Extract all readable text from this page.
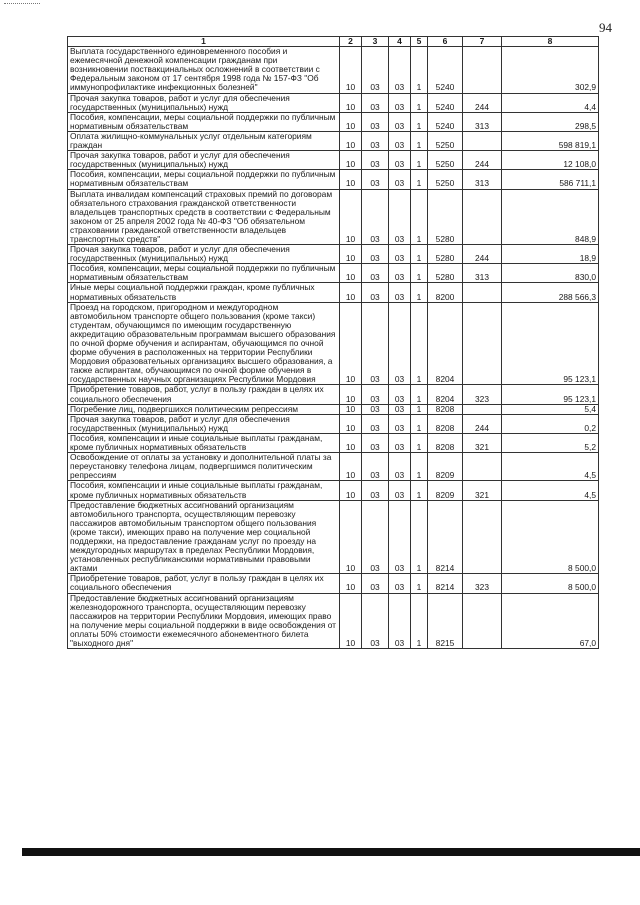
94
1	2	3	4	5	6	7	8
Выплата государственного единовременного пособия и ежемесячной денежной компенсации гражданам при возникновении поствакцинальных осложнений в соответствии с Федеральным законом от 17 сентября 1998 года № 157-ФЗ "Об иммунопрофилактике инфекционных болезней"	10	03	03	1	5240		302,9
Прочая закупка товаров, работ и услуг для обеспечения государственных (муниципальных) нужд	10	03	03	1	5240	244	4,4
Пособия, компенсации, меры социальной поддержки по публичным нормативным обязательствам	10	03	03	1	5240	313	298,5
Оплата жилищно-коммунальных услуг отдельным категориям граждан	10	03	03	1	5250		598 819,1
Прочая закупка товаров, работ и услуг для обеспечения государственных (муниципальных) нужд	10	03	03	1	5250	244	12 108,0
Пособия, компенсации, меры социальной поддержки по публичным нормативным обязательствам	10	03	03	1	5250	313	586 711,1
Выплата инвалидам компенсаций страховых премий по договорам обязательного страхования гражданской ответственности владельцев транспортных средств в соответствии с Федеральным законом от 25 апреля 2002 года № 40-ФЗ "Об обязательном страховании гражданской ответственности владельцев транспортных средств"	10	03	03	1	5280		848,9
Прочая закупка товаров, работ и услуг для обеспечения государственных (муниципальных) нужд	10	03	03	1	5280	244	18,9
Пособия, компенсации, меры социальной поддержки по публичным нормативным обязательствам	10	03	03	1	5280	313	830,0
Иные меры социальной поддержки граждан, кроме публичных нормативных обязательств	10	03	03	1	8200		288 566,3
Проезд на городском, пригородном и междугородном автомобильном транспорте общего пользования (кроме такси) студентам, обучающимся по имеющим государственную аккредитацию образовательным программам высшего образования по очной форме обучения и аспирантам, обучающимся по очной форме обучения в расположенных на территории Республики Мордовия образовательных организациях высшего образования, а также аспирантам, обучающимся по очной форме обучения в государственных научных организациях Республики Мордовия	10	03	03	1	8204		95 123,1
Приобретение товаров, работ, услуг в пользу граждан в целях их социального обеспечения	10	03	03	1	8204	323	95 123,1
Погребение лиц, подвергшихся политическим репрессиям	10	03	03	1	8208		5,4
Прочая закупка товаров, работ и услуг для обеспечения государственных (муниципальных) нужд	10	03	03	1	8208	244	0,2
Пособия, компенсации и иные социальные выплаты гражданам, кроме публичных нормативных обязательств	10	03	03	1	8208	321	5,2
Освобождение от оплаты за установку и дополнительной платы за переустановку телефона лицам, подвергшимся политическим репрессиям	10	03	03	1	8209		4,5
Пособия, компенсации и иные социальные выплаты гражданам, кроме публичных нормативных обязательств	10	03	03	1	8209	321	4,5
Предоставление бюджетных ассигнований организациям автомобильного транспорта, осуществляющим перевозку пассажиров автомобильным транспортом общего пользования (кроме такси), имеющих право на получение мер социальной поддержки, на предоставление гражданам услуг по проезду на междугородных маршрутах в пределах Республики Мордовия, установленных республиканскими нормативными правовыми актами	10	03	03	1	8214		8 500,0
Приобретение товаров, работ, услуг в пользу граждан в целях их социального обеспечения	10	03	03	1	8214	323	8 500,0
Предоставление бюджетных ассигнований организациям железнодорожного транспорта, осуществляющим перевозку пассажиров на территории Республики Мордовия, имеющих право на получение меры социальной поддержки в виде освобождения от оплаты 50% стоимости ежемесячного абонементного билета "выходного дня"	10	03	03	1	8215		67,0
